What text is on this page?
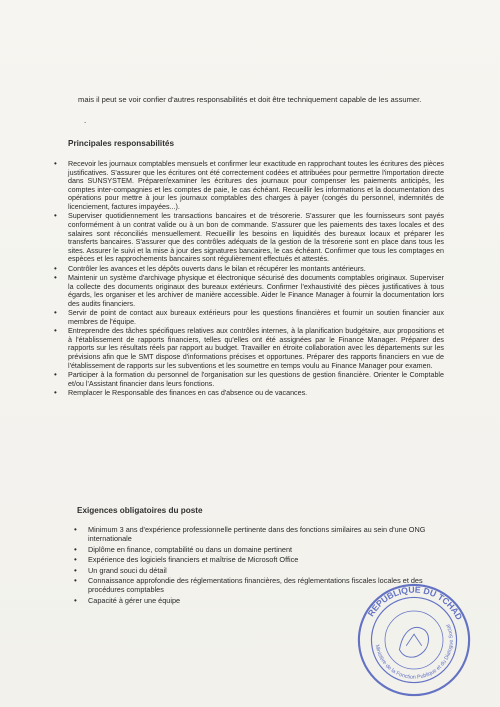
mais il peut se voir confier d'autres responsabilités et doit être techniquement capable de les assumer.
.
Principales responsabilités
• Recevoir les journaux comptables mensuels et confirmer leur exactitude en rapprochant toutes les écritures des pièces justificatives. S'assurer que les écritures ont été correctement codées et attribuées pour permettre l'importation directe dans SUNSYSTEM. Préparer/examiner les écritures des journaux pour compenser les paiements anticipés, les comptes inter-compagnies et les comptes de paie, le cas échéant. Recueillir les informations et la documentation des opérations pour mettre à jour les journaux comptables des charges à payer (congés du personnel, indemnités de licenciement, factures impayées...).
• Superviser quotidiennement les transactions bancaires et de trésorerie. S'assurer que les fournisseurs sont payés conformément à un contrat valide ou à un bon de commande. S'assurer que les paiements des taxes locales et des salaires sont réconciliés mensuellement. Recueillir les besoins en liquidités des bureaux locaux et préparer les transferts bancaires. S'assurer que des contrôles adéquats de la gestion de la trésorerie sont en place dans tous les sites. Assurer le suivi et la mise à jour des signatures bancaires, le cas échéant. Confirmer que tous les comptages en espèces et les rapprochements bancaires sont régulièrement effectués et attestés.
• Contrôler les avances et les dépôts ouverts dans le bilan et récupérer les montants antérieurs.
• Maintenir un système d'archivage physique et électronique sécurisé des documents comptables originaux. Superviser la collecte des documents originaux des bureaux extérieurs. Confirmer l'exhaustivité des pièces justificatives à tous égards, les organiser et les archiver de manière accessible. Aider le Finance Manager à fournir la documentation lors des audits financiers.
• Servir de point de contact aux bureaux extérieurs pour les questions financières et fournir un soutien financier aux membres de l'équipe.
• Entreprendre des tâches spécifiques relatives aux contrôles internes, à la planification budgétaire, aux propositions et à l'établissement de rapports financiers, telles qu'elles ont été assignées par le Finance Manager. Préparer des rapports sur les résultats réels par rapport au budget. Travailler en étroite collaboration avec les départements sur les prévisions afin que le SMT dispose d'informations précises et opportunes. Préparer des rapports financiers en vue de l'établissement de rapports sur les subventions et les soumettre en temps voulu au Finance Manager pour examen.
• Participer à la formation du personnel de l'organisation sur les questions de gestion financière. Orienter le Comptable et/ou l'Assistant financier dans leurs fonctions.
• Remplacer le Responsable des finances en cas d'absence ou de vacances.
Exigences obligatoires du poste
• Minimum 3 ans d'expérience professionnelle pertinente dans des fonctions similaires au sein d'une ONG internationale
• Diplôme en finance, comptabilité ou dans un domaine pertinent
• Expérience des logiciels financiers et maîtrise de Microsoft Office
• Un grand souci du détail
• Connaissance approfondie des réglementations financières, des réglementations fiscales locales et des procédures comptables
• Capacité à gérer une équipe
RÉPUBLIQUE DU TCHAD
Ministère de la Fonction Publique et du Dialogue Social
